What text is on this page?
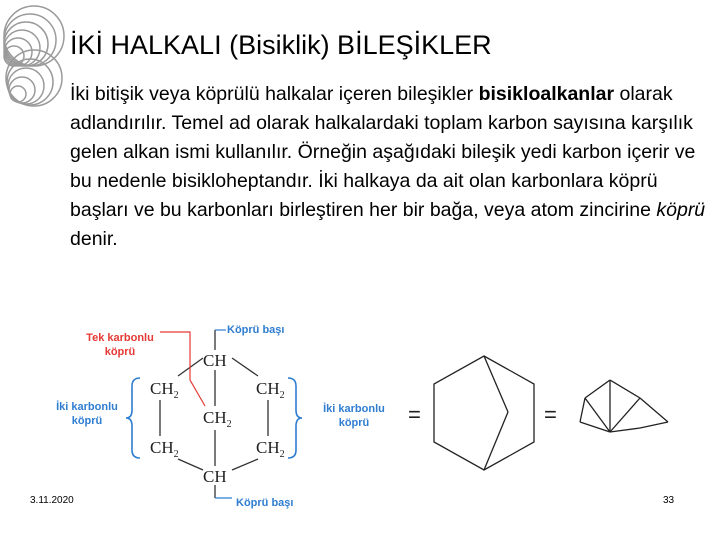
İKİ HALKALI (Bisiklik) BİLEŞİKLER
İki bitişik veya köprülü halkalar içeren bileşikler bisikloalkanlar olarak adlandırılır. Temel ad olarak halkalardaki toplam karbon sayısına karşılık gelen alkan ismi kullanılır. Örneğin aşağıdaki bileşik yedi karbon içerir ve bu nedenle bisikloheptandır. İki halkaya da ait olan karbonlara köprü başları ve bu karbonları birleştiren her bir bağa, veya atom zincirine köprü denir.
CH
CH
$CH_2$
$CH_2$
$CH_2$
$CH_2$
$CH_2$
=	=
Tek karbonlu
köprü
Köprü başı
Köprü başı
İki karbonlu
köprü
İki karbonlu
köprü
3.11.2020	33
